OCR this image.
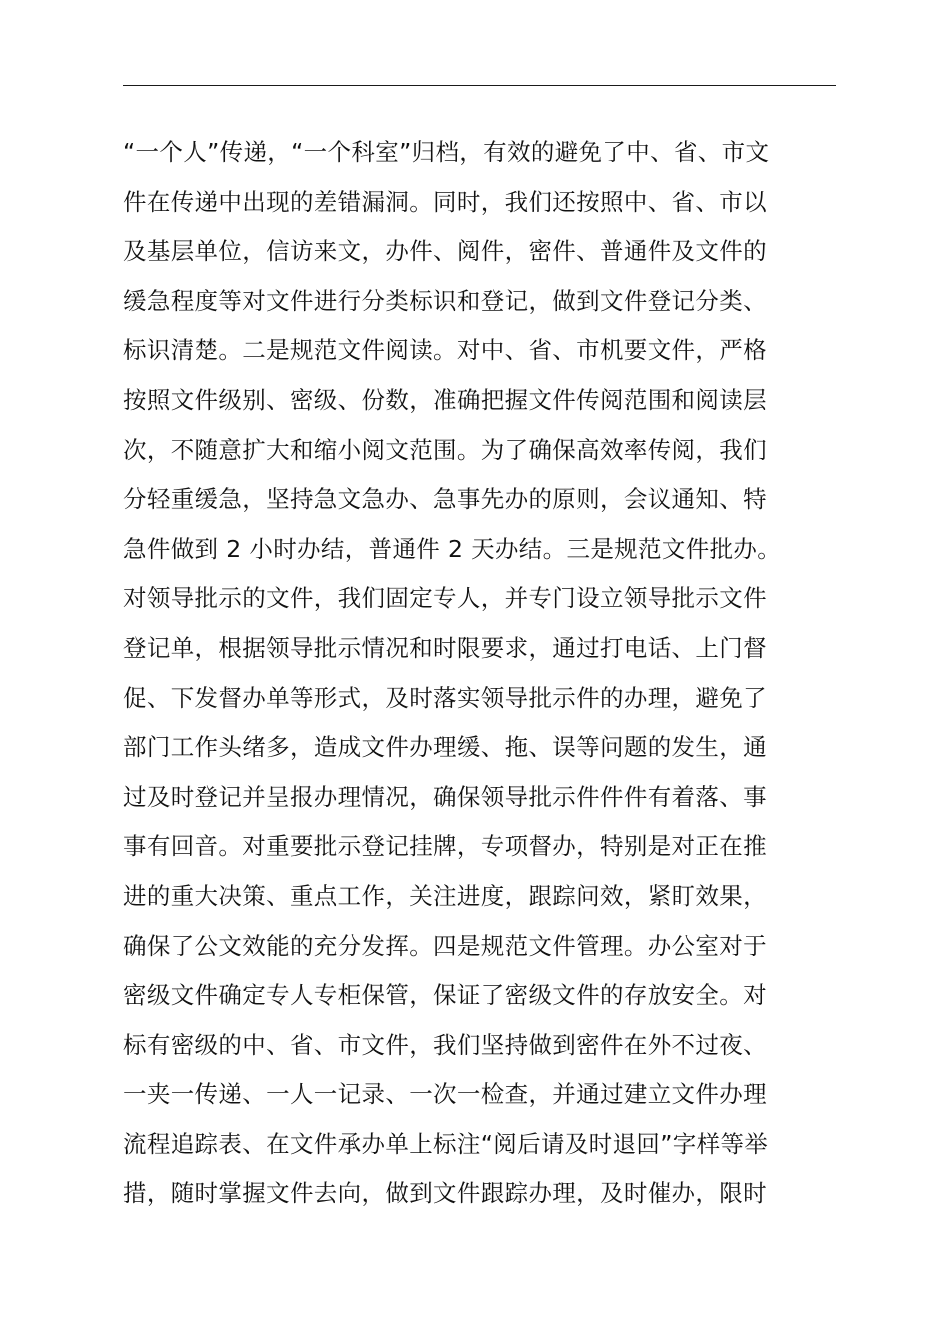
“一个人”传递，“一个科室”归档，有效的避免了中、省、市文
件在传递中出现的差错漏洞。同时，我们还按照中、省、市以
及基层单位，信访来文，办件、阅件，密件、普通件及文件的
缓急程度等对文件进行分类标识和登记，做到文件登记分类、
标识清楚。二是规范文件阅读。对中、省、市机要文件，严格
按照文件级别、密级、份数，准确把握文件传阅范围和阅读层
次，不随意扩大和缩小阅文范围。为了确保高效率传阅，我们
分轻重缓急，坚持急文急办、急事先办的原则，会议通知、特
急件做到 2 小时办结，普通件 2 天办结。三是规范文件批办。
对领导批示的文件，我们固定专人，并专门设立领导批示文件
登记单，根据领导批示情况和时限要求，通过打电话、上门督
促、下发督办单等形式，及时落实领导批示件的办理，避免了
部门工作头绪多，造成文件办理缓、拖、误等问题的发生，通
过及时登记并呈报办理情况，确保领导批示件件件有着落、事
事有回音。对重要批示登记挂牌，专项督办，特别是对正在推
进的重大决策、重点工作，关注进度，跟踪问效，紧盯效果，
确保了公文效能的充分发挥。四是规范文件管理。办公室对于
密级文件确定专人专柜保管，保证了密级文件的存放安全。对
标有密级的中、省、市文件，我们坚持做到密件在外不过夜、
一夹一传递、一人一记录、一次一检查，并通过建立文件办理
流程追踪表、在文件承办单上标注“阅后请及时退回”字样等举
措，随时掌握文件去向，做到文件跟踪办理，及时催办，限时
